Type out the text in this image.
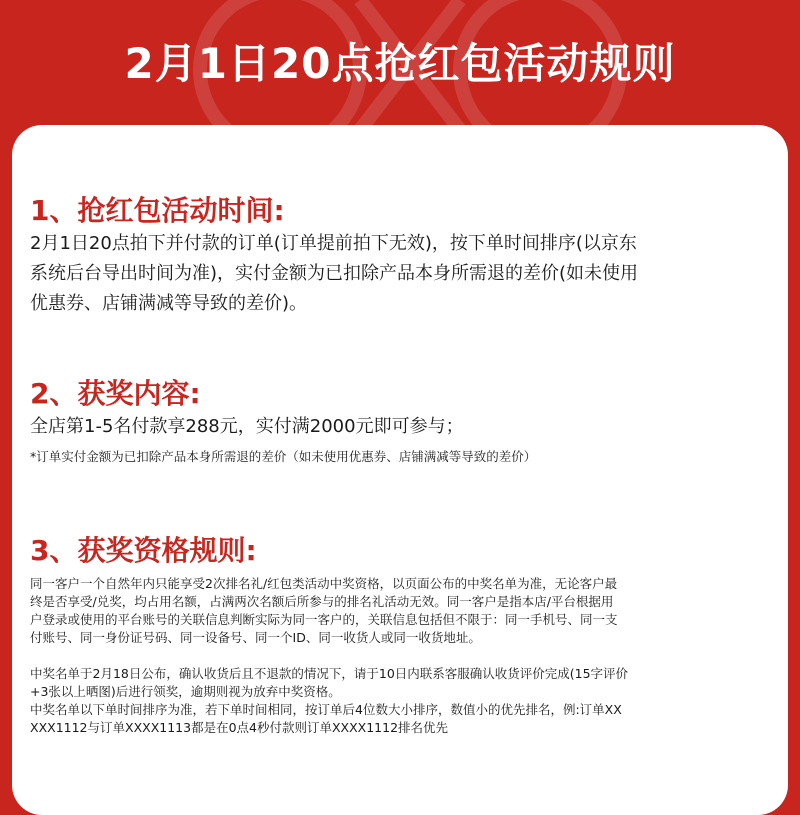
2月1日20点抢红包活动规则
1、抢红包活动时间:

2月1日20点拍下并付款的订单(订单提前拍下无效)，按下单时间排序(以京东

系统后台导出时间为准)，实付金额为已扣除产品本身所需退的差价(如未使用

优惠券、店铺满减等导致的差价)。

2、获奖内容:

全店第1-5名付款享288元，实付满2000元即可参与；

*订单实付金额为已扣除产品本身所需退的差价（如未使用优惠券、店铺满减等导致的差价）

3、获奖资格规则:

同一客户一个自然年内只能享受2次排名礼/红包类活动中奖资格，以页面公布的中奖名单为准，无论客户最

终是否享受/兑奖，均占用名额，占满两次名额后所参与的排名礼活动无效。同一客户是指本店/平台根据用

户登录或使用的平台账号的关联信息判断实际为同一客户的，关联信息包括但不限于：同一手机号、同一支

付账号、同一身份证号码、同一设备号、同一个ID、同一收货人或同一收货地址。

中奖名单于2月18日公布，确认收货后且不退款的情况下，请于10日内联系客服确认收货评价完成(15字评价

+3张以上晒图)后进行领奖，逾期则视为放弃中奖资格。

中奖名单以下单时间排序为准，若下单时间相同，按订单后4位数大小排序，数值小的优先排名，例:订单XX

XXX1112与订单XXXX1113都是在0点4秒付款则订单XXXX1112排名优先
